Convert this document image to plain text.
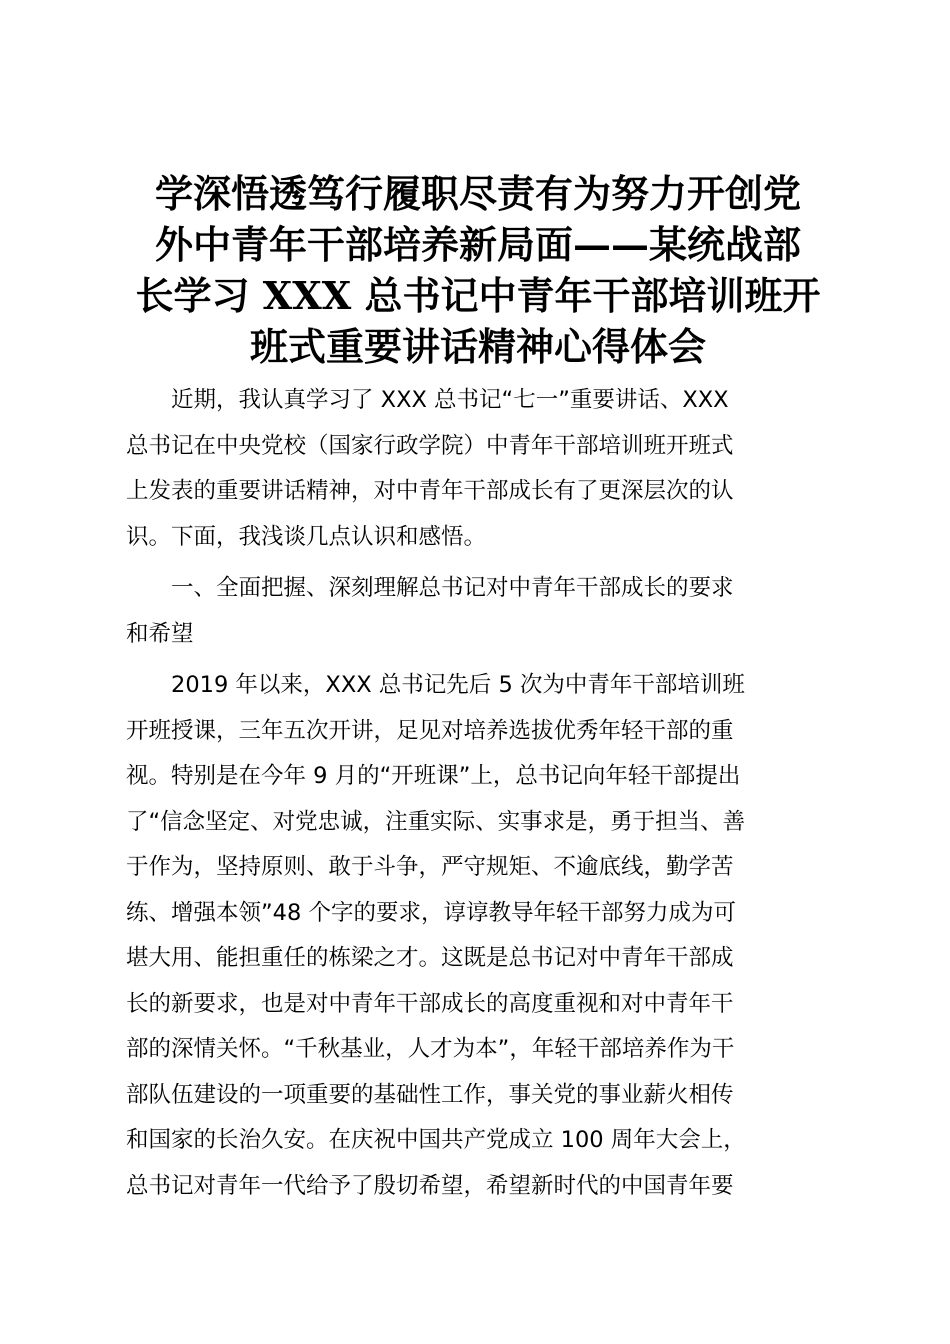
学深悟透笃行履职尽责有为努力开创党
外中青年干部培养新局面——某统战部
长学习 XXX 总书记中青年干部培训班开
班式重要讲话精神心得体会
　　近期，我认真学习了 XXX 总书记“七一”重要讲话、XXX
总书记在中央党校（国家行政学院）中青年干部培训班开班式
上发表的重要讲话精神，对中青年干部成长有了更深层次的认
识。下面，我浅谈几点认识和感悟。
　　一、全面把握、深刻理解总书记对中青年干部成长的要求
和希望
　　2019 年以来，XXX 总书记先后 5 次为中青年干部培训班
开班授课，三年五次开讲，足见对培养选拔优秀年轻干部的重
视。特别是在今年 9 月的“开班课”上，总书记向年轻干部提出
了“信念坚定、对党忠诚，注重实际、实事求是，勇于担当、善
于作为，坚持原则、敢于斗争，严守规矩、不逾底线，勤学苦
练、增强本领”48 个字的要求，谆谆教导年轻干部努力成为可
堪大用、能担重任的栋梁之才。这既是总书记对中青年干部成
长的新要求，也是对中青年干部成长的高度重视和对中青年干
部的深情关怀。“千秋基业，人才为本”，年轻干部培养作为干
部队伍建设的一项重要的基础性工作，事关党的事业薪火相传
和国家的长治久安。在庆祝中国共产党成立 100 周年大会上，
总书记对青年一代给予了殷切希望，希望新时代的中国青年要
